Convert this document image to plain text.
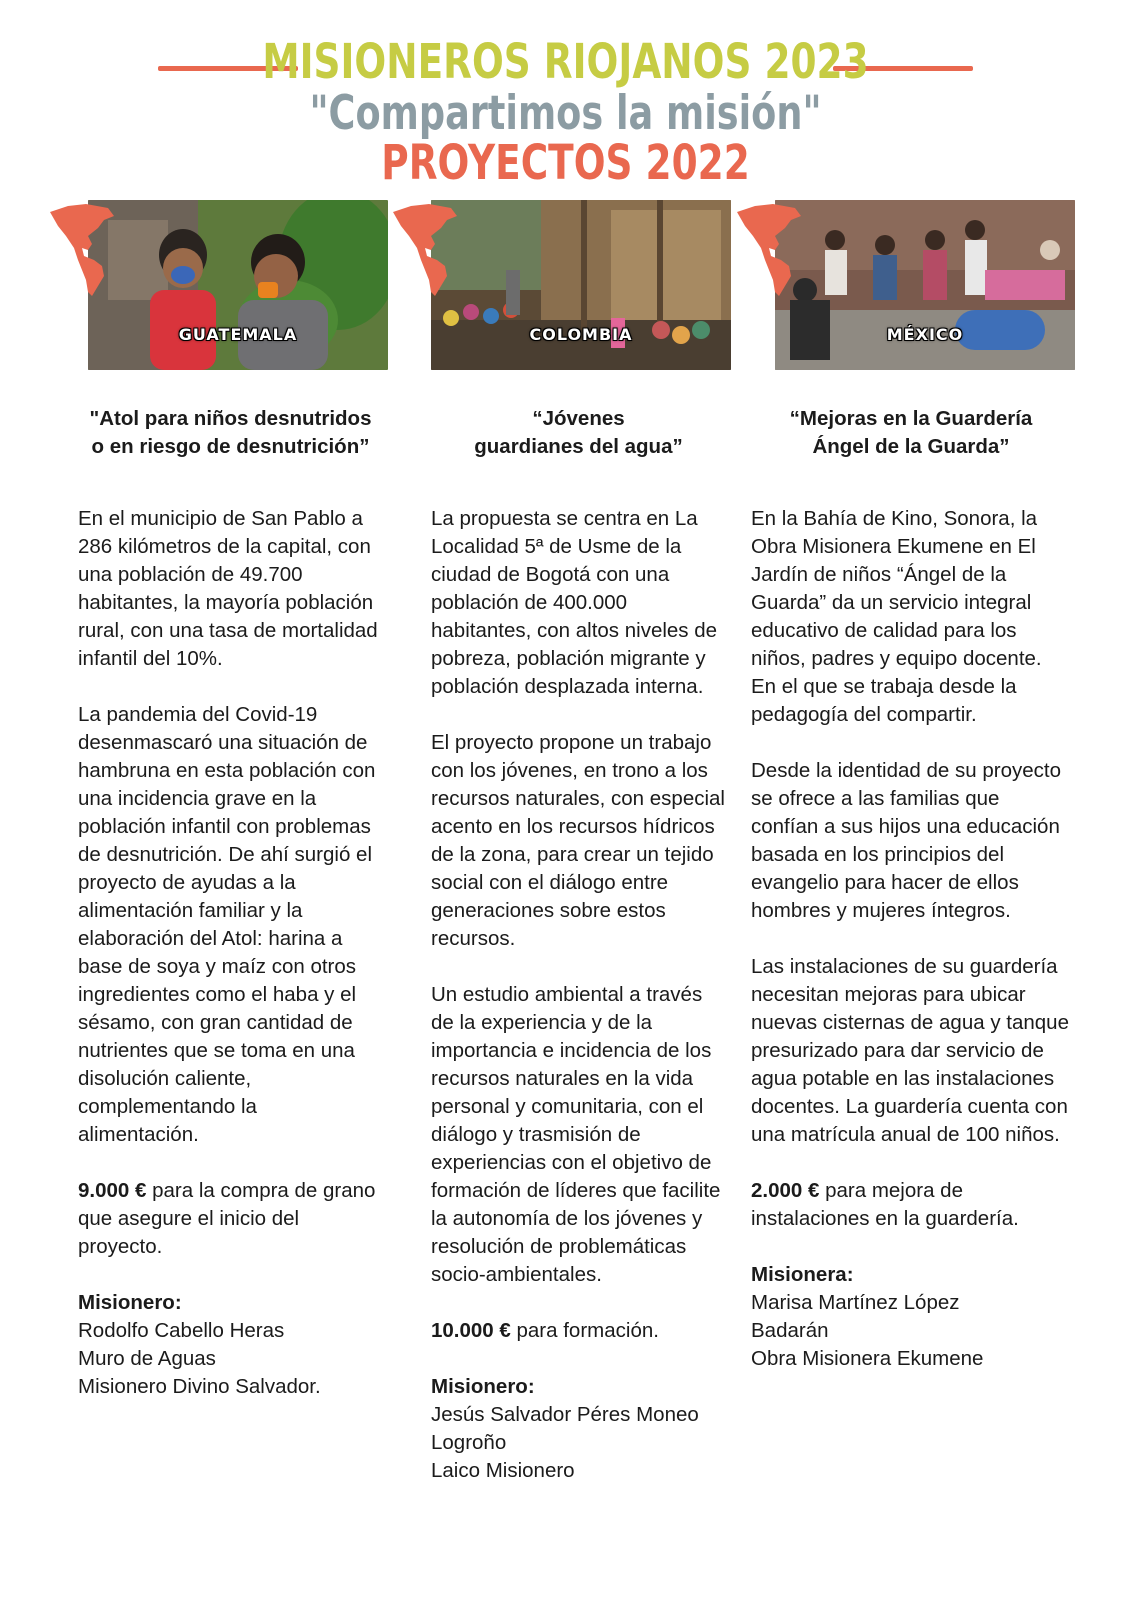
MISIONEROS RIOJANOS 2023
"Compartimos la misión"
PROYECTOS 2022
GUATEMALA	COLOMBIA	MÉXICO

"Atol para niños desnutridos
o en riesgo de desnutrición”

En el municipio de San Pablo a 286 kilómetros de la capital, con una población de 49.700 habitantes, la mayoría población rural, con una tasa de mortalidad infantil del 10%.

La pandemia del Covid-19 desenmascaró una situación de hambruna en esta población con una incidencia grave en la población infantil con problemas de desnutrición. De ahí surgió el proyecto de ayudas a la alimentación familiar y la elaboración del Atol: harina a base de soya y maíz con otros ingredientes como el haba y el sésamo, con gran cantidad de nutrientes que se toma en una disolución caliente, complementando la alimentación.

9.000 € para la compra de grano que asegure el inicio del proyecto.

Misionero:
Rodolfo Cabello Heras
Muro de Aguas
Misionero Divino Salvador.

“Jóvenes
guardianes del agua”

La propuesta se centra en La Localidad 5ª de Usme de la ciudad de Bogotá con una población de 400.000 habitantes, con altos niveles de pobreza, población migrante y población desplazada interna.

El proyecto propone un trabajo con los jóvenes, en trono a los recursos naturales, con especial acento en los recursos hídricos de la zona, para crear un tejido social con el diálogo entre generaciones sobre estos recursos.

Un estudio ambiental a través de la experiencia y de la importancia e incidencia de los recursos naturales en la vida personal y comunitaria, con el diálogo y trasmisión de experiencias con el objetivo de formación de líderes que facilite la autonomía de los jóvenes y resolución de problemáticas socio-ambientales.

10.000 € para formación.

Misionero:
Jesús Salvador Péres Moneo
Logroño
Laico Misionero

“Mejoras en la Guardería
Ángel de la Guarda”

En la Bahía de Kino, Sonora, la Obra Misionera Ekumene en El Jardín de niños “Ángel de la Guarda” da un servicio integral educativo de calidad para los niños, padres y equipo docente. En el que se trabaja desde la pedagogía del compartir.

Desde la identidad de su proyecto se ofrece a las familias que confían a sus hijos una educación basada en los principios del evangelio para hacer de ellos hombres y mujeres íntegros.

Las instalaciones de su guardería necesitan mejoras para ubicar nuevas cisternas de agua y tanque presurizado para dar servicio de agua potable en las instalaciones docentes. La guardería cuenta con una matrícula anual de 100 niños.

2.000 € para mejora de instalaciones en la guardería.

Misionera:
Marisa Martínez López
Badarán
Obra Misionera Ekumene
